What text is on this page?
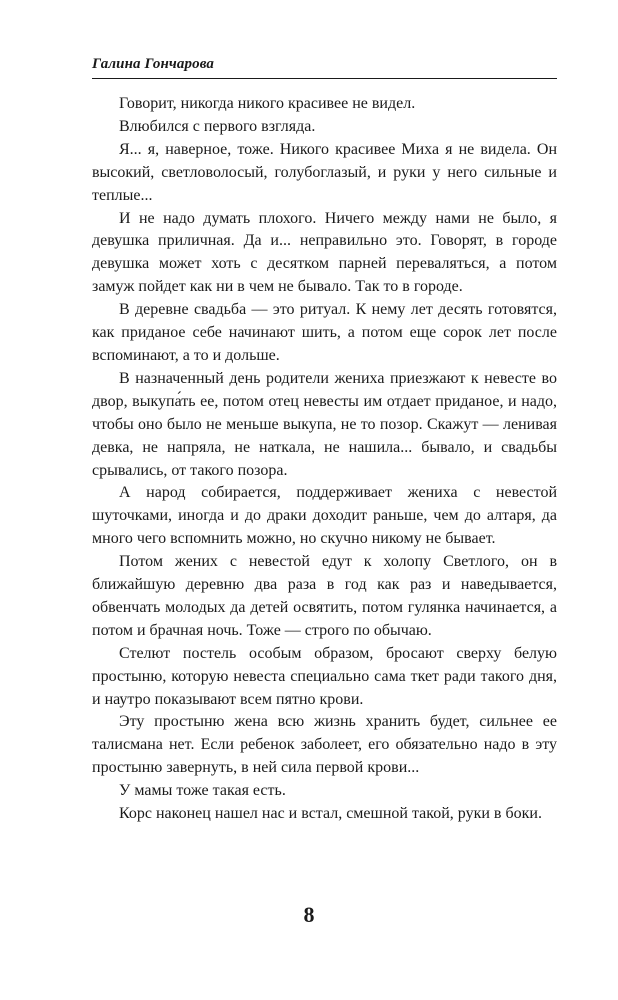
Галина Гончарова

Говорит, никогда никого красивее не видел.

Влюбился с первого взгляда.

Я... я, наверное, тоже. Никого красивее Миха я не видела. Он высокий, светловолосый, голубоглазый, и руки у него сильные и теплые...

И не надо думать плохого. Ничего между нами не было, я девушка приличная. Да и... неправильно это. Говорят, в городе девушка может хоть с десятком парней переваляться, а потом замуж пойдет как ни в чем не бывало. Так то в городе.

В деревне свадьба — это ритуал. К нему лет десять готовятся, как приданое себе начинают шить, а потом еще сорок лет после вспоминают, а то и дольше.

В назначенный день родители жениха приезжают к невесте во двор, выкупа́ть ее, потом отец невесты им отдает приданое, и надо, чтобы оно было не меньше выкупа, не то позор. Скажут — ленивая девка, не напряла, не наткала, не нашила... бывало, и свадьбы срывались, от такого позора.

А народ собирается, поддерживает жениха с невестой шуточками, иногда и до драки доходит раньше, чем до алтаря, да много чего вспомнить можно, но скучно никому не бывает.

Потом жених с невестой едут к холопу Светлого, он в ближайшую деревню два раза в год как раз и наведывается, обвенчать молодых да детей освятить, потом гулянка начинается, а потом и брачная ночь. Тоже — строго по обычаю.

Стелют постель особым образом, бросают сверху белую простыню, которую невеста специально сама ткет ради такого дня, и наутро показывают всем пятно крови.

Эту простыню жена всю жизнь хранить будет, сильнее ее талисмана нет. Если ребенок заболеет, его обязательно надо в эту простыню завернуть, в ней сила первой крови...

У мамы тоже такая есть.

Корс наконец нашел нас и встал, смешной такой, руки в боки.

8
